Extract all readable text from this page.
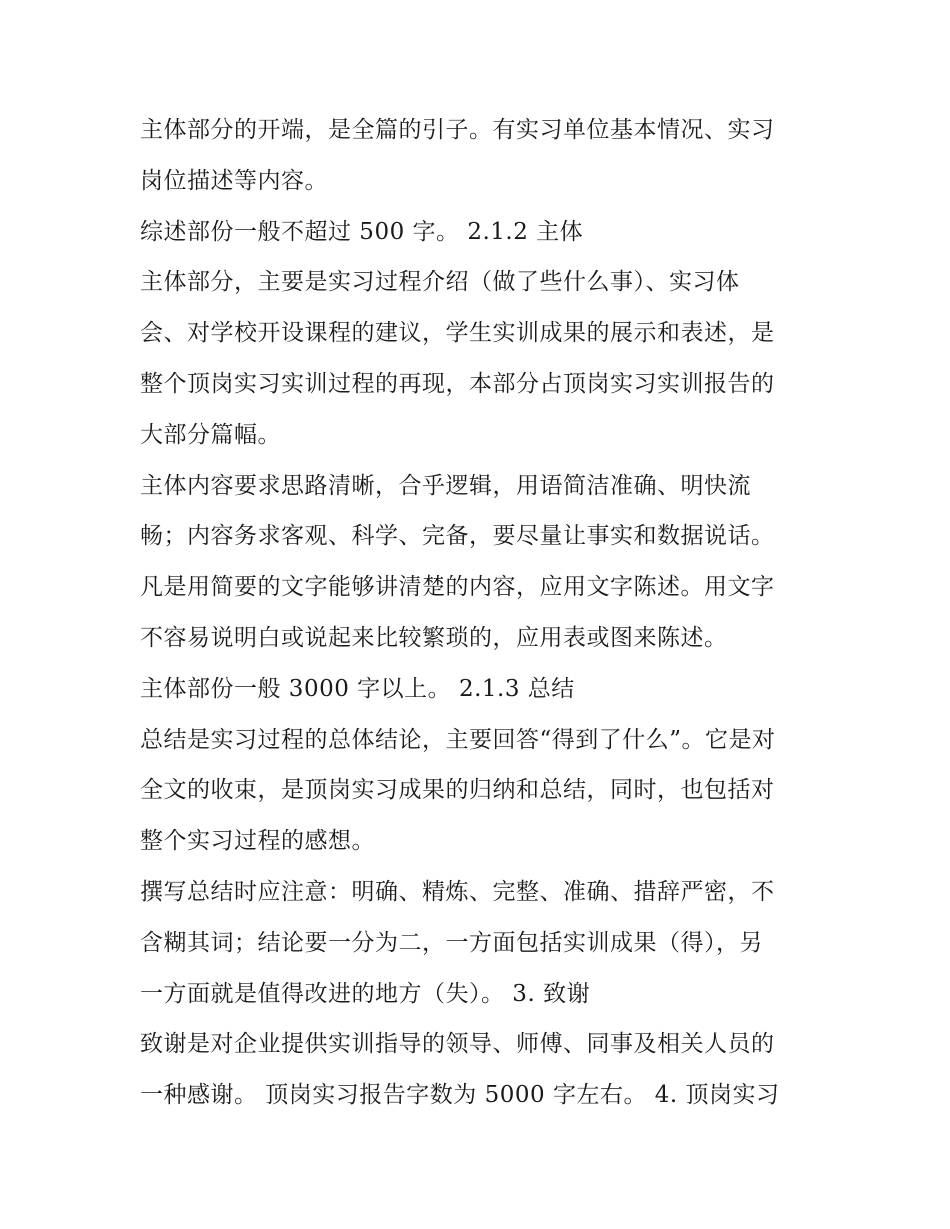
主体部分的开端，是全篇的引子。有实习单位基本情况、实习
岗位描述等内容。
综述部份一般不超过 500 字。 2.1.2 主体
主体部分，主要是实习过程介绍（做了些什么事）、实习体
会、对学校开设课程的建议，学生实训成果的展示和表述，是
整个顶岗实习实训过程的再现，本部分占顶岗实习实训报告的
大部分篇幅。
主体内容要求思路清晰，合乎逻辑，用语简洁准确、明快流
畅；内容务求客观、科学、完备，要尽量让事实和数据说话。
凡是用简要的文字能够讲清楚的内容，应用文字陈述。用文字
不容易说明白或说起来比较繁琐的，应用表或图来陈述。
主体部份一般 3000 字以上。 2.1.3 总结
总结是实习过程的总体结论，主要回答“得到了什么”。它是对
全文的收束，是顶岗实习成果的归纳和总结，同时，也包括对
整个实习过程的感想。
撰写总结时应注意：明确、精炼、完整、准确、措辞严密，不
含糊其词；结论要一分为二，一方面包括实训成果（得），另
一方面就是值得改进的地方（失）。 3. 致谢
致谢是对企业提供实训指导的领导、师傅、同事及相关人员的
一种感谢。 顶岗实习报告字数为 5000 字左右。 4. 顶岗实习
